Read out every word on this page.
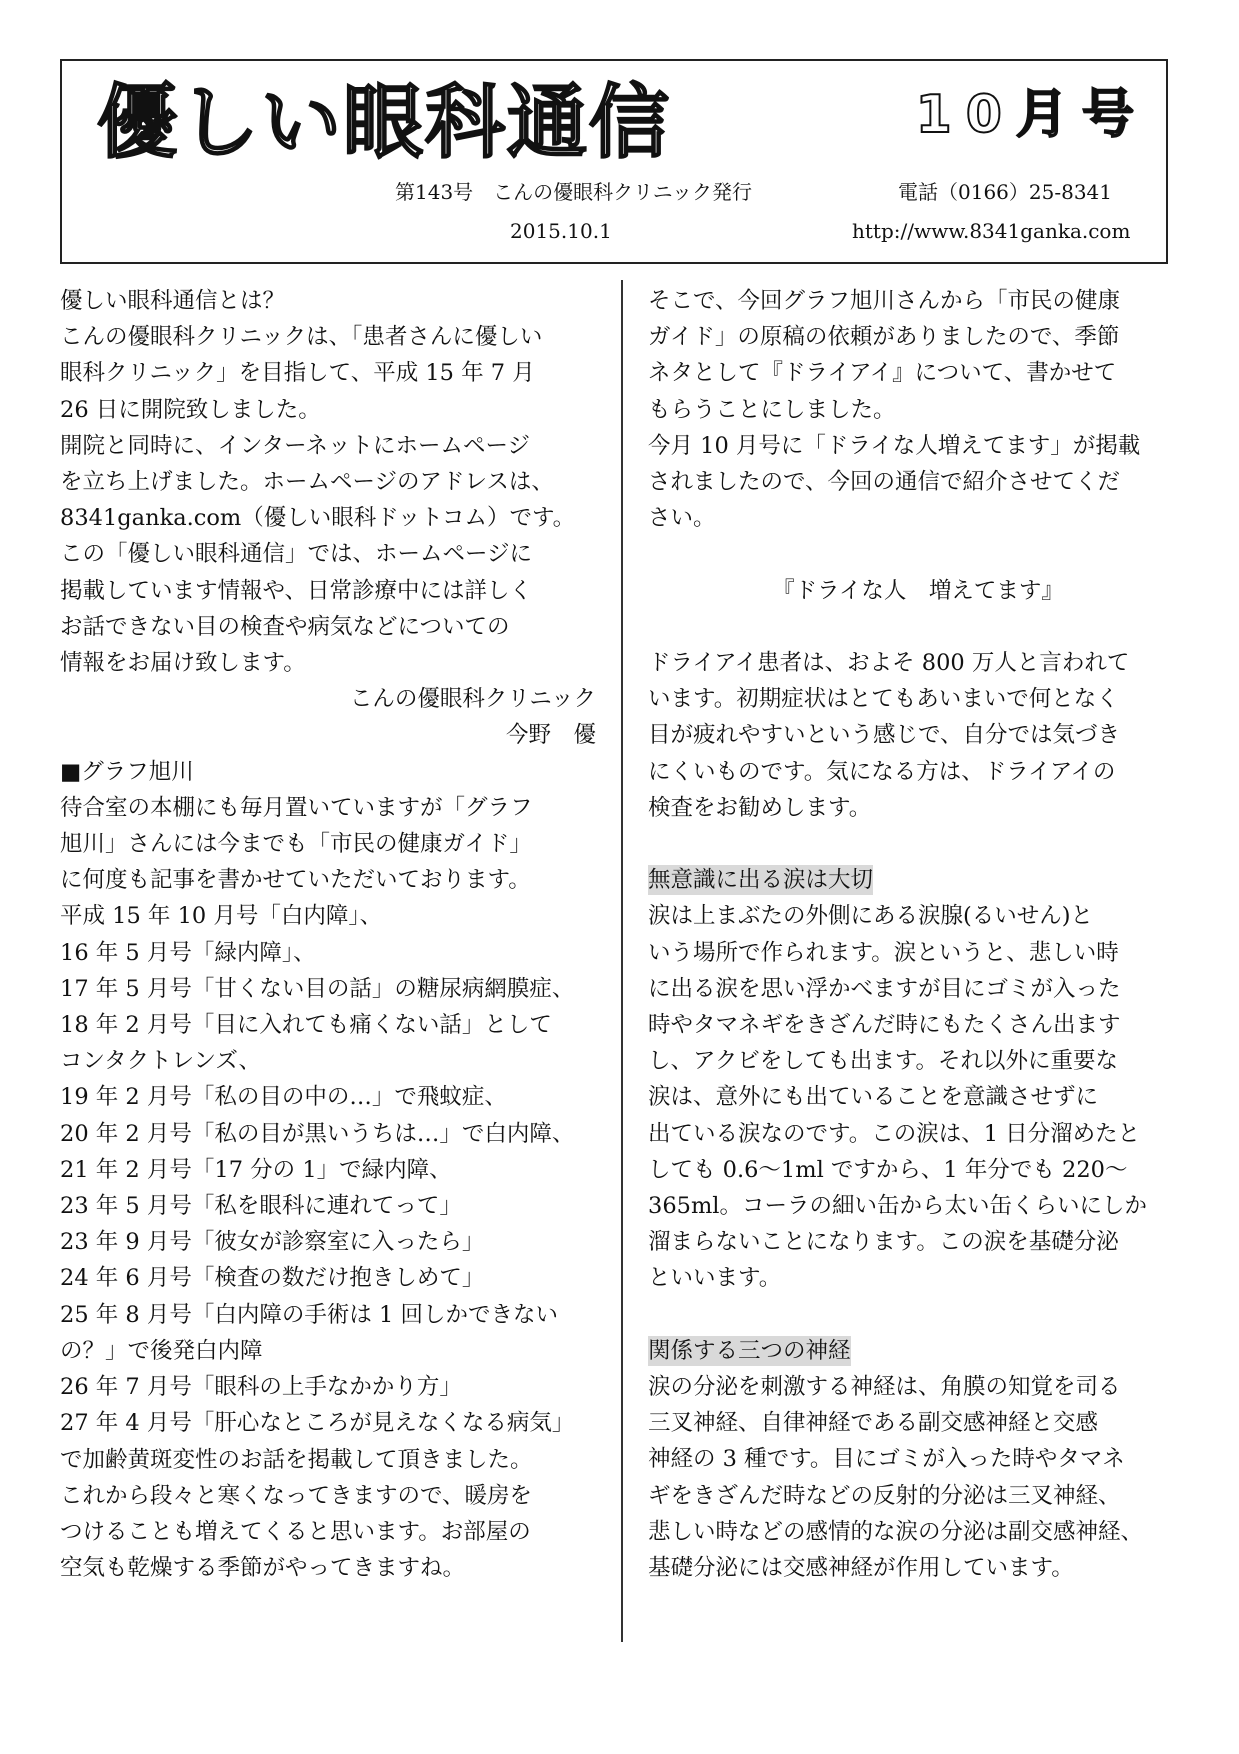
優しい眼科通信	10月号
第143号　こんの優眼科クリニック発行	電話（0166）25-8341
2015.10.1	http://www.8341ganka.com

優しい眼科通信とは？

こんの優眼科クリニックは、「患者さんに優しい

眼科クリニック」を目指して、平成 15 年 7 月

26 日に開院致しました。

開院と同時に、インターネットにホームページ

を立ち上げました。ホームページのアドレスは、

8341ganka.com（優しい眼科ドットコム）です。

この「優しい眼科通信」では、ホームページに

掲載しています情報や、日常診療中には詳しく

お話できない目の検査や病気などについての

情報をお届け致します。

こんの優眼科クリニック

今野　優

■グラフ旭川

待合室の本棚にも毎月置いていますが「グラフ

旭川」さんには今までも「市民の健康ガイド」

に何度も記事を書かせていただいております。

平成 15 年 10 月号「白内障」、

16 年 5 月号「緑内障」、

17 年 5 月号「甘くない目の話」の糖尿病網膜症、

18 年 2 月号「目に入れても痛くない話」として

コンタクトレンズ、

19 年 2 月号「私の目の中の…」で飛蚊症、

20 年 2 月号「私の目が黒いうちは…」で白内障、

21 年 2 月号「17 分の 1」で緑内障、

23 年 5 月号「私を眼科に連れてって」

23 年 9 月号「彼女が診察室に入ったら」

24 年 6 月号「検査の数だけ抱きしめて」

25 年 8 月号「白内障の手術は 1 回しかできない

の？」で後発白内障

26 年 7 月号「眼科の上手なかかり方」

27 年 4 月号「肝心なところが見えなくなる病気」

で加齢黄斑変性のお話を掲載して頂きました。

これから段々と寒くなってきますので、暖房を

つけることも増えてくると思います。お部屋の

空気も乾燥する季節がやってきますね。

そこで、今回グラフ旭川さんから「市民の健康

ガイド」の原稿の依頼がありましたので、季節

ネタとして『ドライアイ』について、書かせて

もらうことにしました。

今月 10 月号に「ドライな人増えてます」が掲載

されましたので、今回の通信で紹介させてくだ

さい。

『ドライな人　増えてます』

ドライアイ患者は、およそ 800 万人と言われて

います。初期症状はとてもあいまいで何となく

目が疲れやすいという感じで、自分では気づき

にくいものです。気になる方は、ドライアイの

検査をお勧めします。

無意識に出る涙は大切

涙は上まぶたの外側にある涙腺(るいせん)と

いう場所で作られます。涙というと、悲しい時

に出る涙を思い浮かべますが目にゴミが入った

時やタマネギをきざんだ時にもたくさん出ます

し、アクビをしても出ます。それ以外に重要な

涙は、意外にも出ていることを意識させずに

出ている涙なのです。この涙は、1 日分溜めたと

しても 0.6～1ml ですから、1 年分でも 220～

365ml。コーラの細い缶から太い缶くらいにしか

溜まらないことになります。この涙を基礎分泌

といいます。

関係する三つの神経

涙の分泌を刺激する神経は、角膜の知覚を司る

三叉神経、自律神経である副交感神経と交感

神経の 3 種です。目にゴミが入った時やタマネ

ギをきざんだ時などの反射的分泌は三叉神経、

悲しい時などの感情的な涙の分泌は副交感神経、

基礎分泌には交感神経が作用しています。
